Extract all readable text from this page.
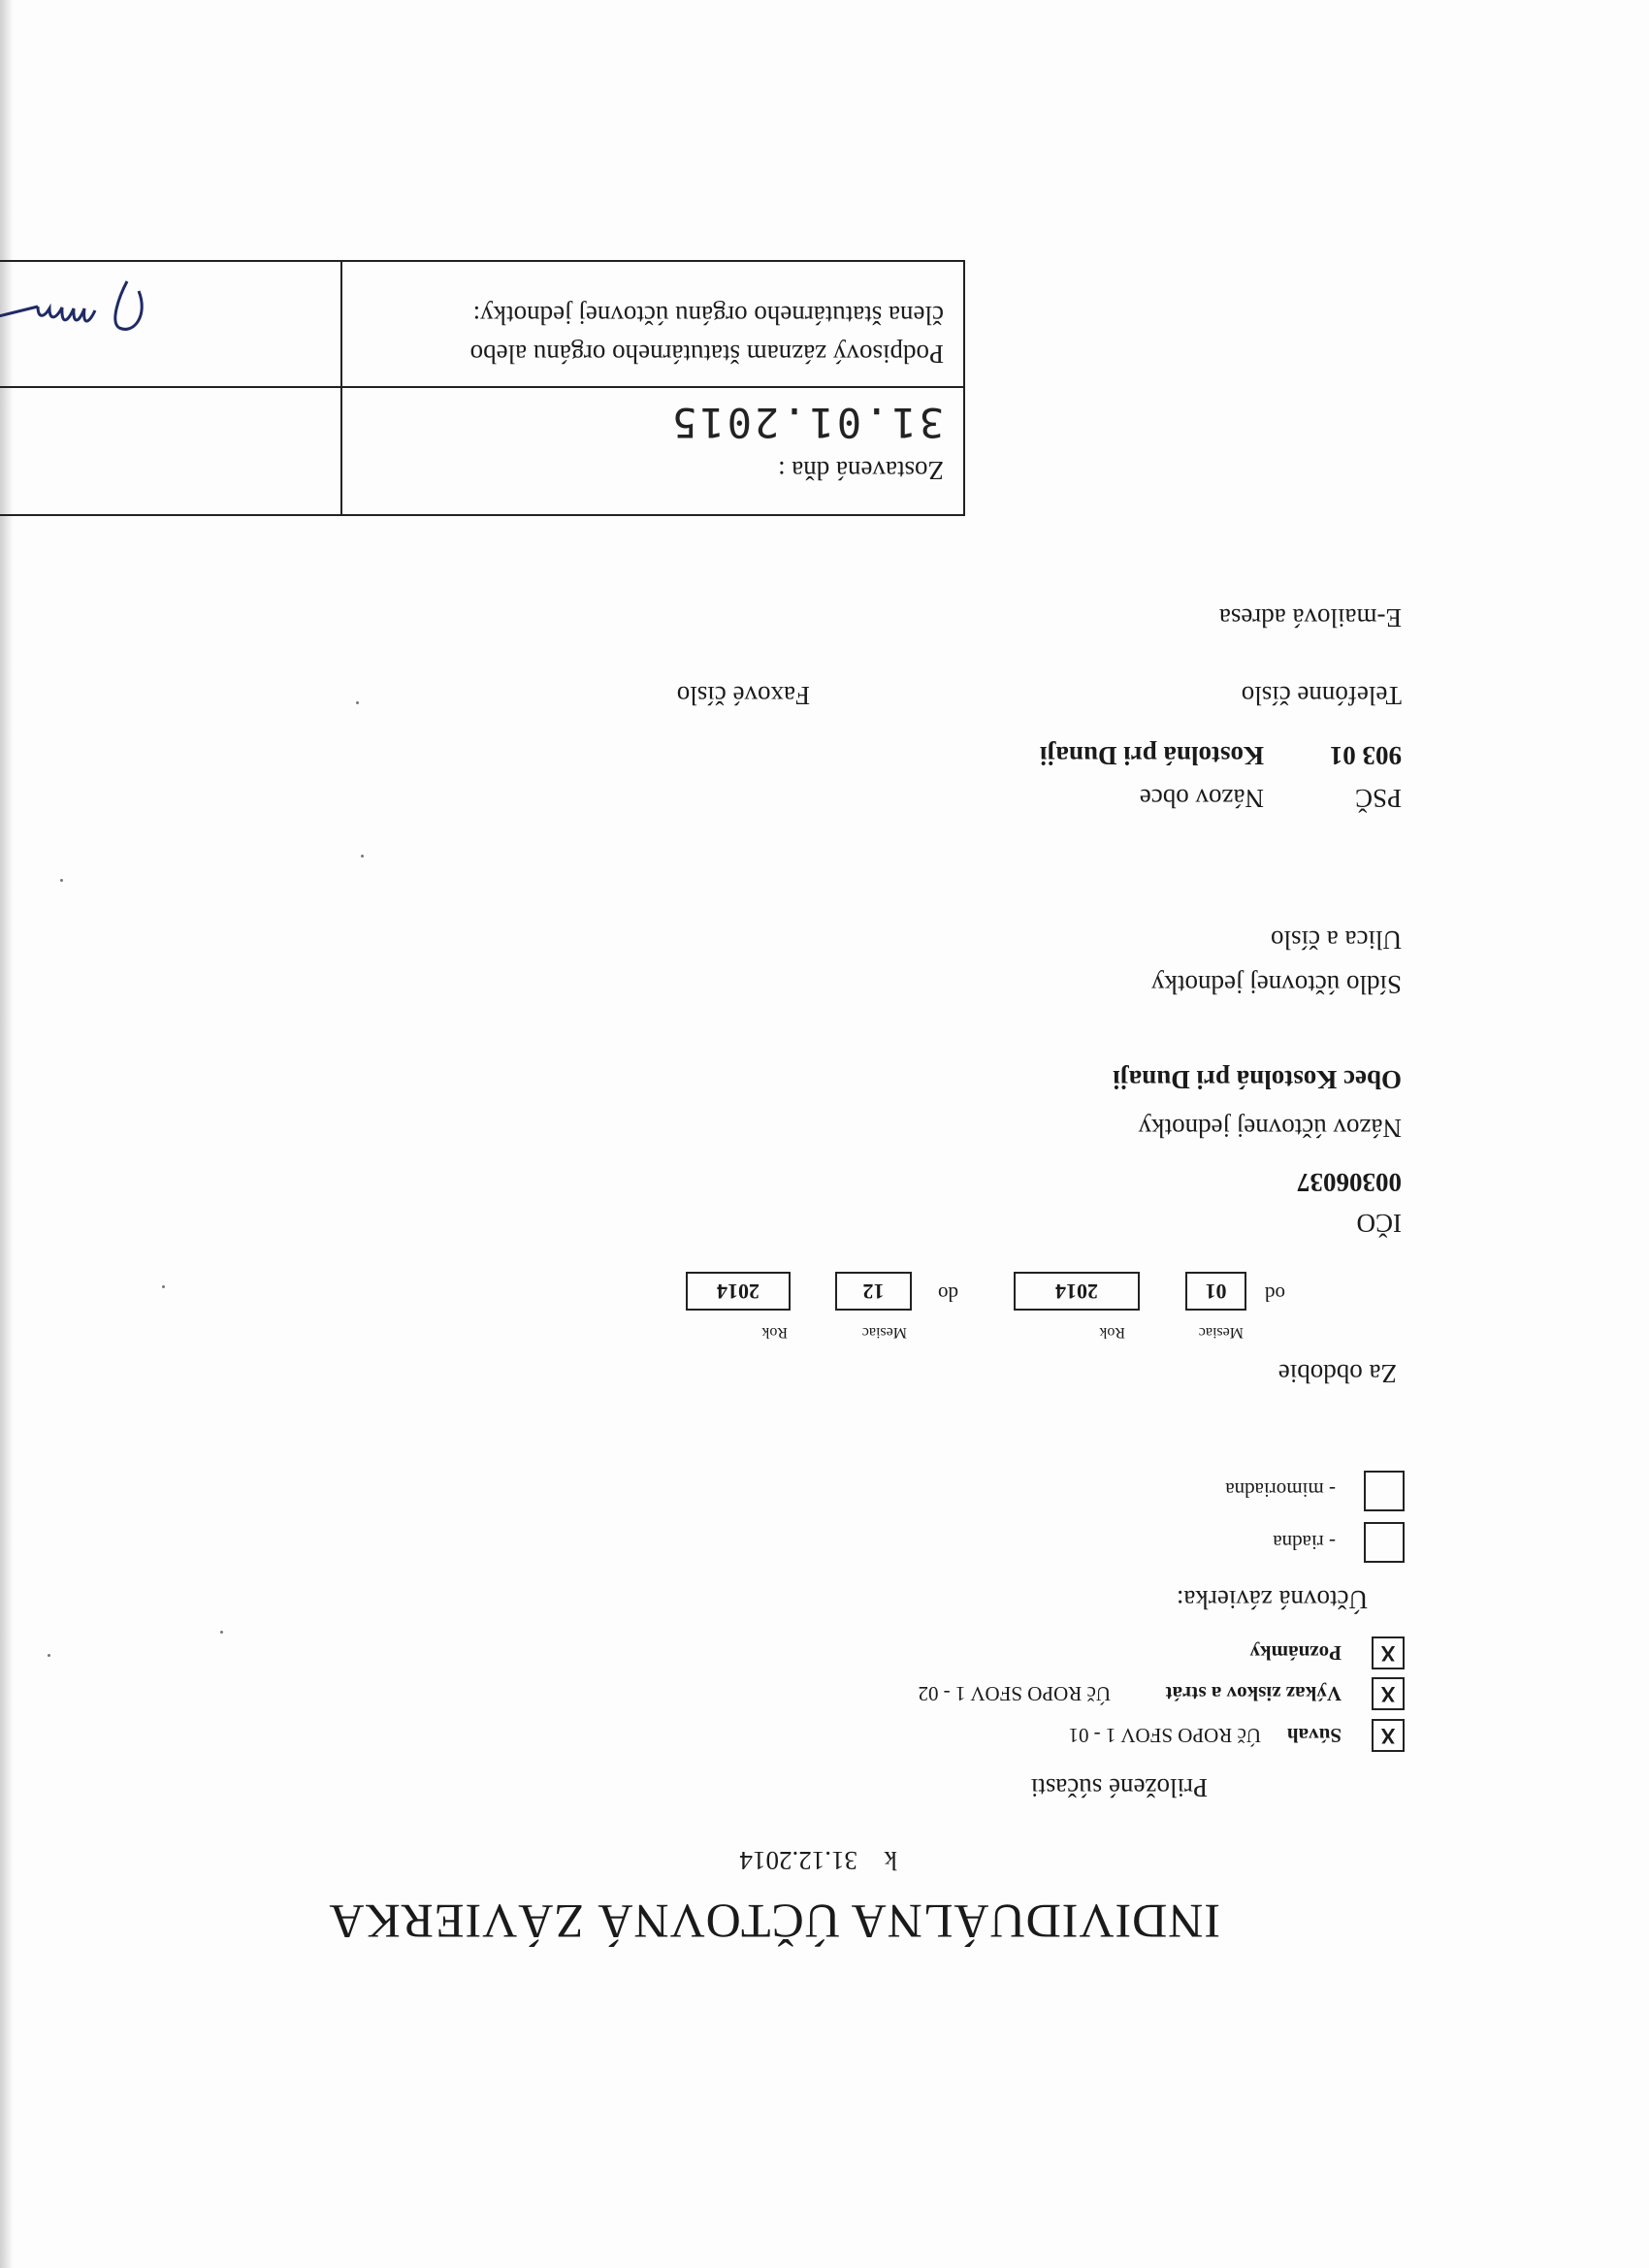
INDIVIDUÁLNA ÚČTOVNÁ ZÁVIERKA
k  31.12.2014
Priložené súčasti
X
Súvah
Úč ROPO SFOV 1 - 01
X
Výkaz ziskov a strát
Úč ROPO SFOV 1 - 02
X
Poznámky
Účtovná závierka:
- riadna
- mimoriadna
Za obdobie
Mesiac
Rok
Mesiac
Rok
od
01
2014
do
12
2014
IČO
00306037
Názov účtovnej jednotky
Obec Kostolná pri Dunaji
Sídlo účtovnej jednotky
Ulica a číslo
PSČ
Názov obce
903 01
Kostolná pri Dunaji
Telefónne číslo
Faxové číslo
E-mailová adresa
Zostavená dňa :
31.01.2015
Podpisový záznam štatutárneho orgánu alebo
člena štatutárneho orgánu účtovnej jednotky:
